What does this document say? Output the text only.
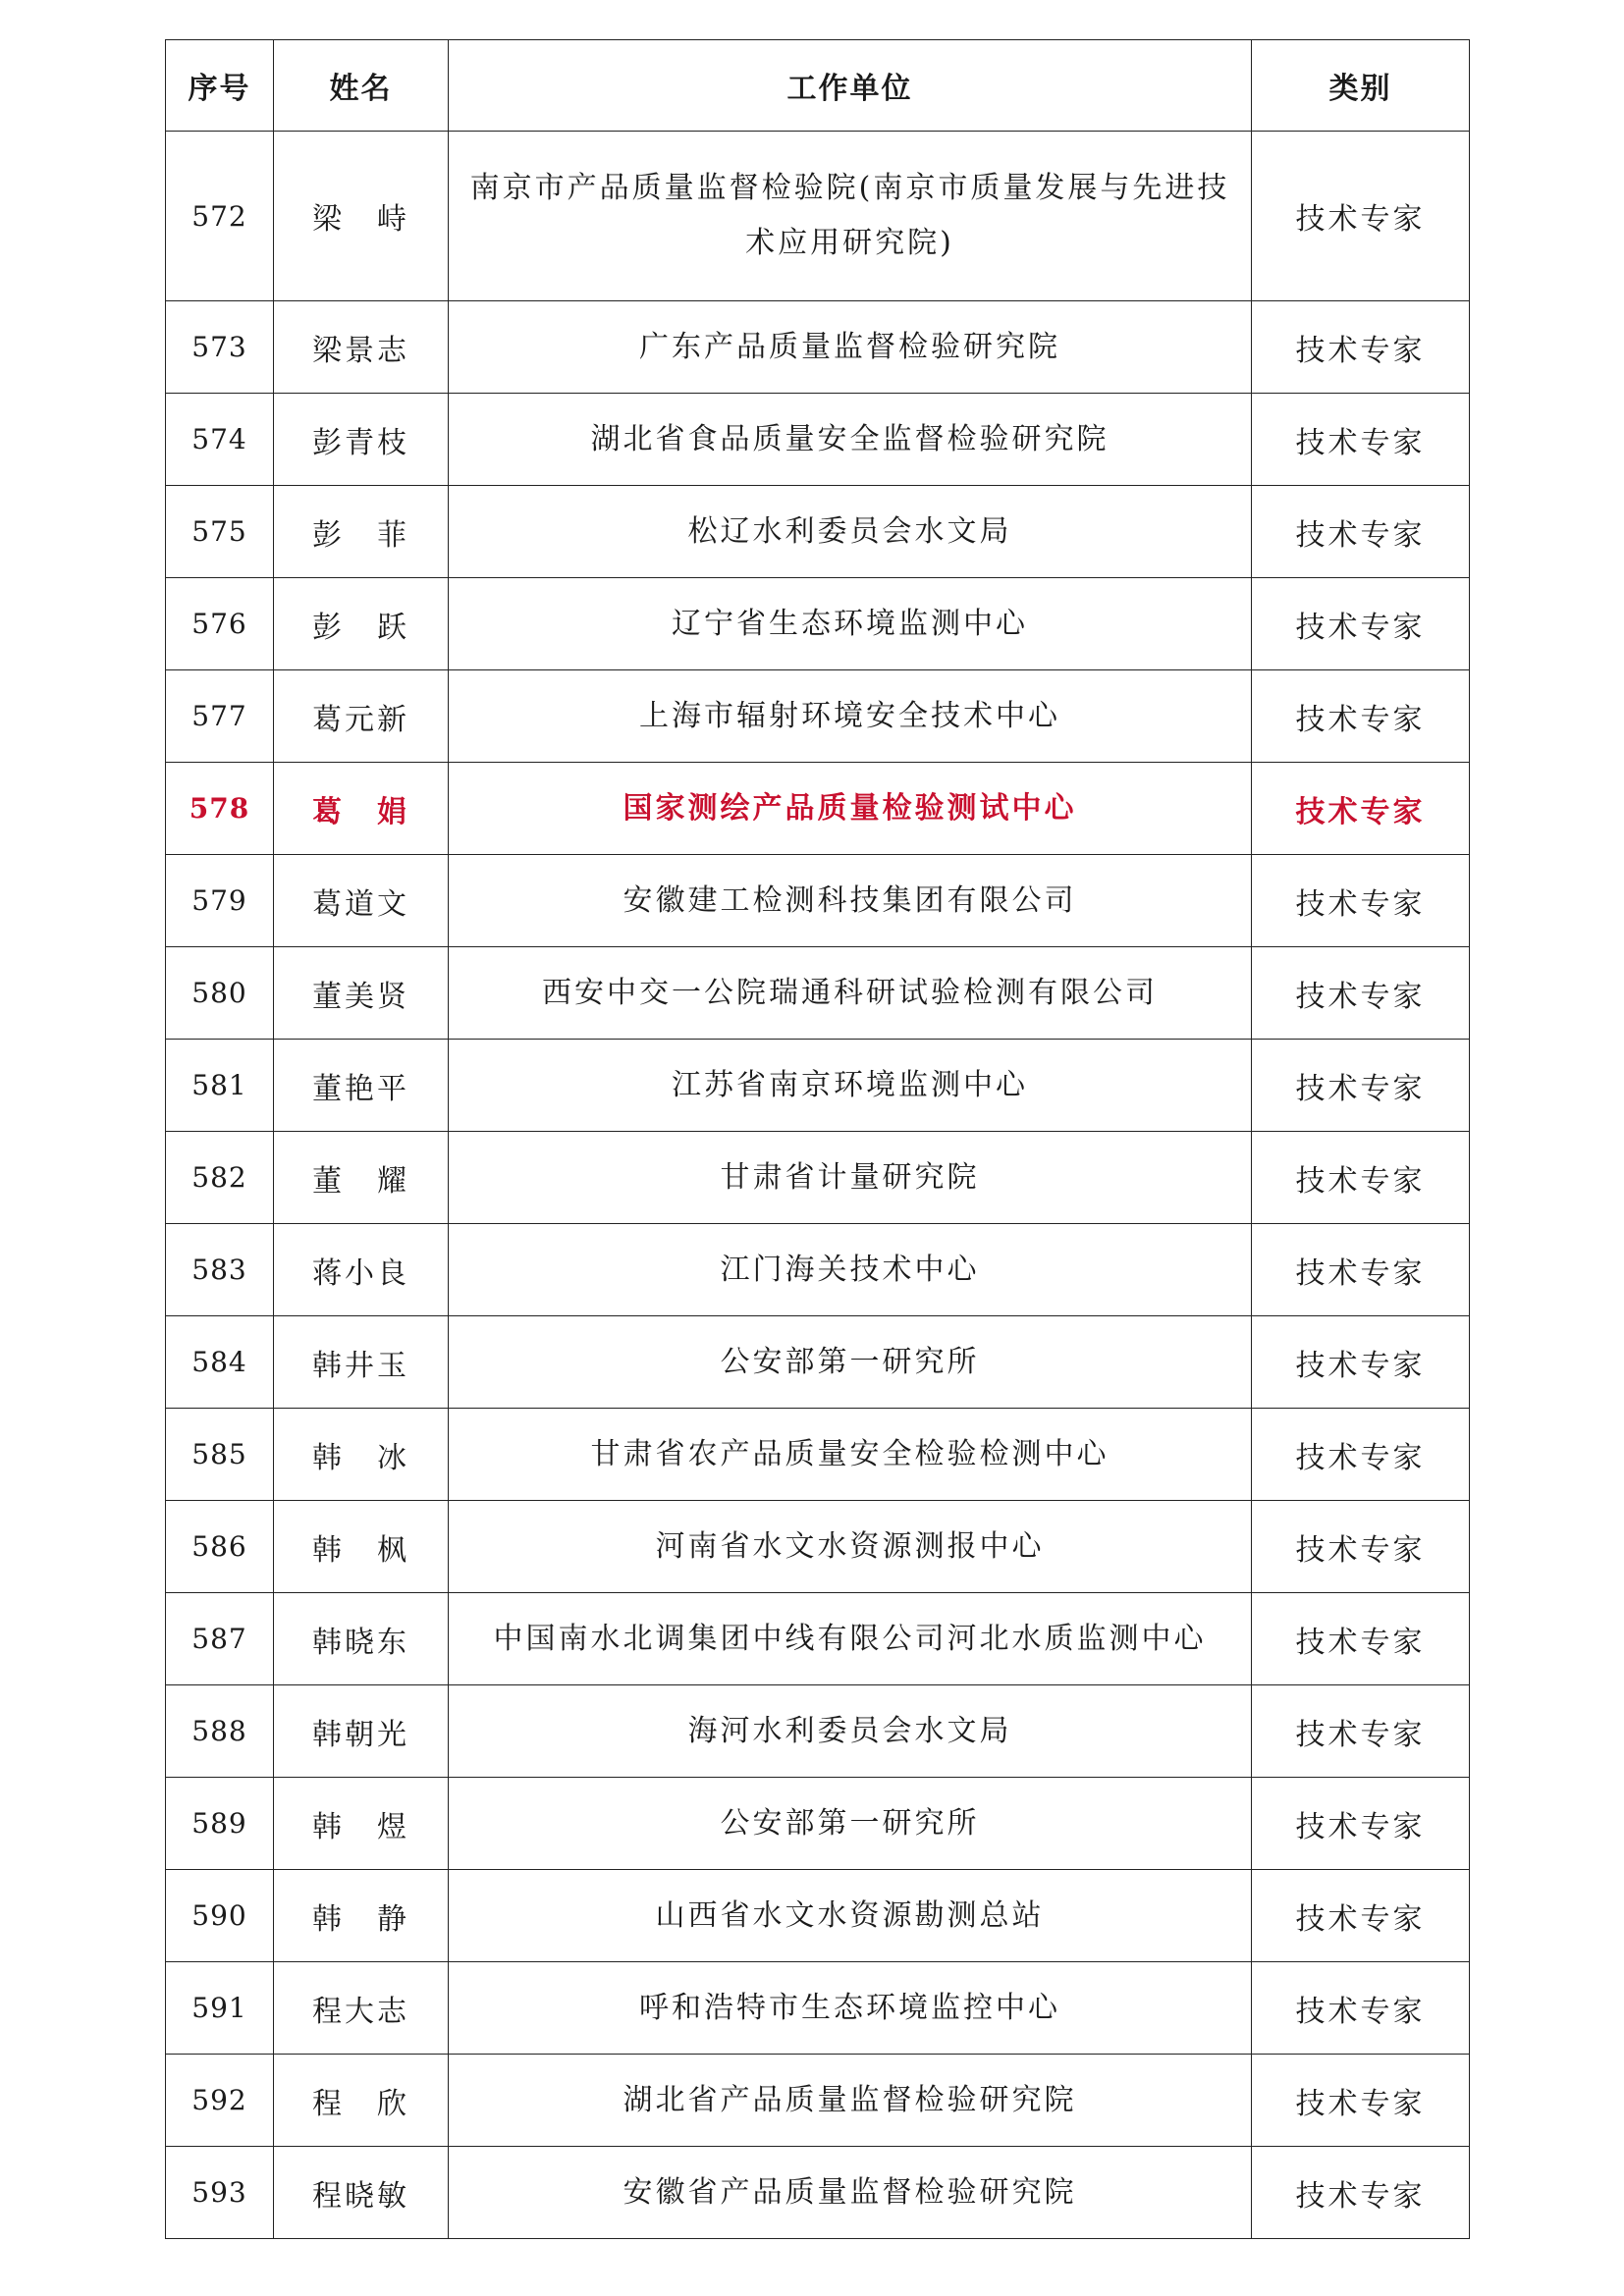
序号	姓名	工作单位	类别
572	梁　峙	南京市产品质量监督检验院(南京市质量发展与先进技术应用研究院)	技术专家
573	梁景志	广东产品质量监督检验研究院	技术专家
574	彭青枝	湖北省食品质量安全监督检验研究院	技术专家
575	彭　菲	松辽水利委员会水文局	技术专家
576	彭　跃	辽宁省生态环境监测中心	技术专家
577	葛元新	上海市辐射环境安全技术中心	技术专家
578	葛　娟	国家测绘产品质量检验测试中心	技术专家
579	葛道文	安徽建工检测科技集团有限公司	技术专家
580	董美贤	西安中交一公院瑞通科研试验检测有限公司	技术专家
581	董艳平	江苏省南京环境监测中心	技术专家
582	董　耀	甘肃省计量研究院	技术专家
583	蒋小良	江门海关技术中心	技术专家
584	韩井玉	公安部第一研究所	技术专家
585	韩　冰	甘肃省农产品质量安全检验检测中心	技术专家
586	韩　枫	河南省水文水资源测报中心	技术专家
587	韩晓东	中国南水北调集团中线有限公司河北水质监测中心	技术专家
588	韩朝光	海河水利委员会水文局	技术专家
589	韩　煜	公安部第一研究所	技术专家
590	韩　静	山西省水文水资源勘测总站	技术专家
591	程大志	呼和浩特市生态环境监控中心	技术专家
592	程　欣	湖北省产品质量监督检验研究院	技术专家
593	程晓敏	安徽省产品质量监督检验研究院	技术专家
